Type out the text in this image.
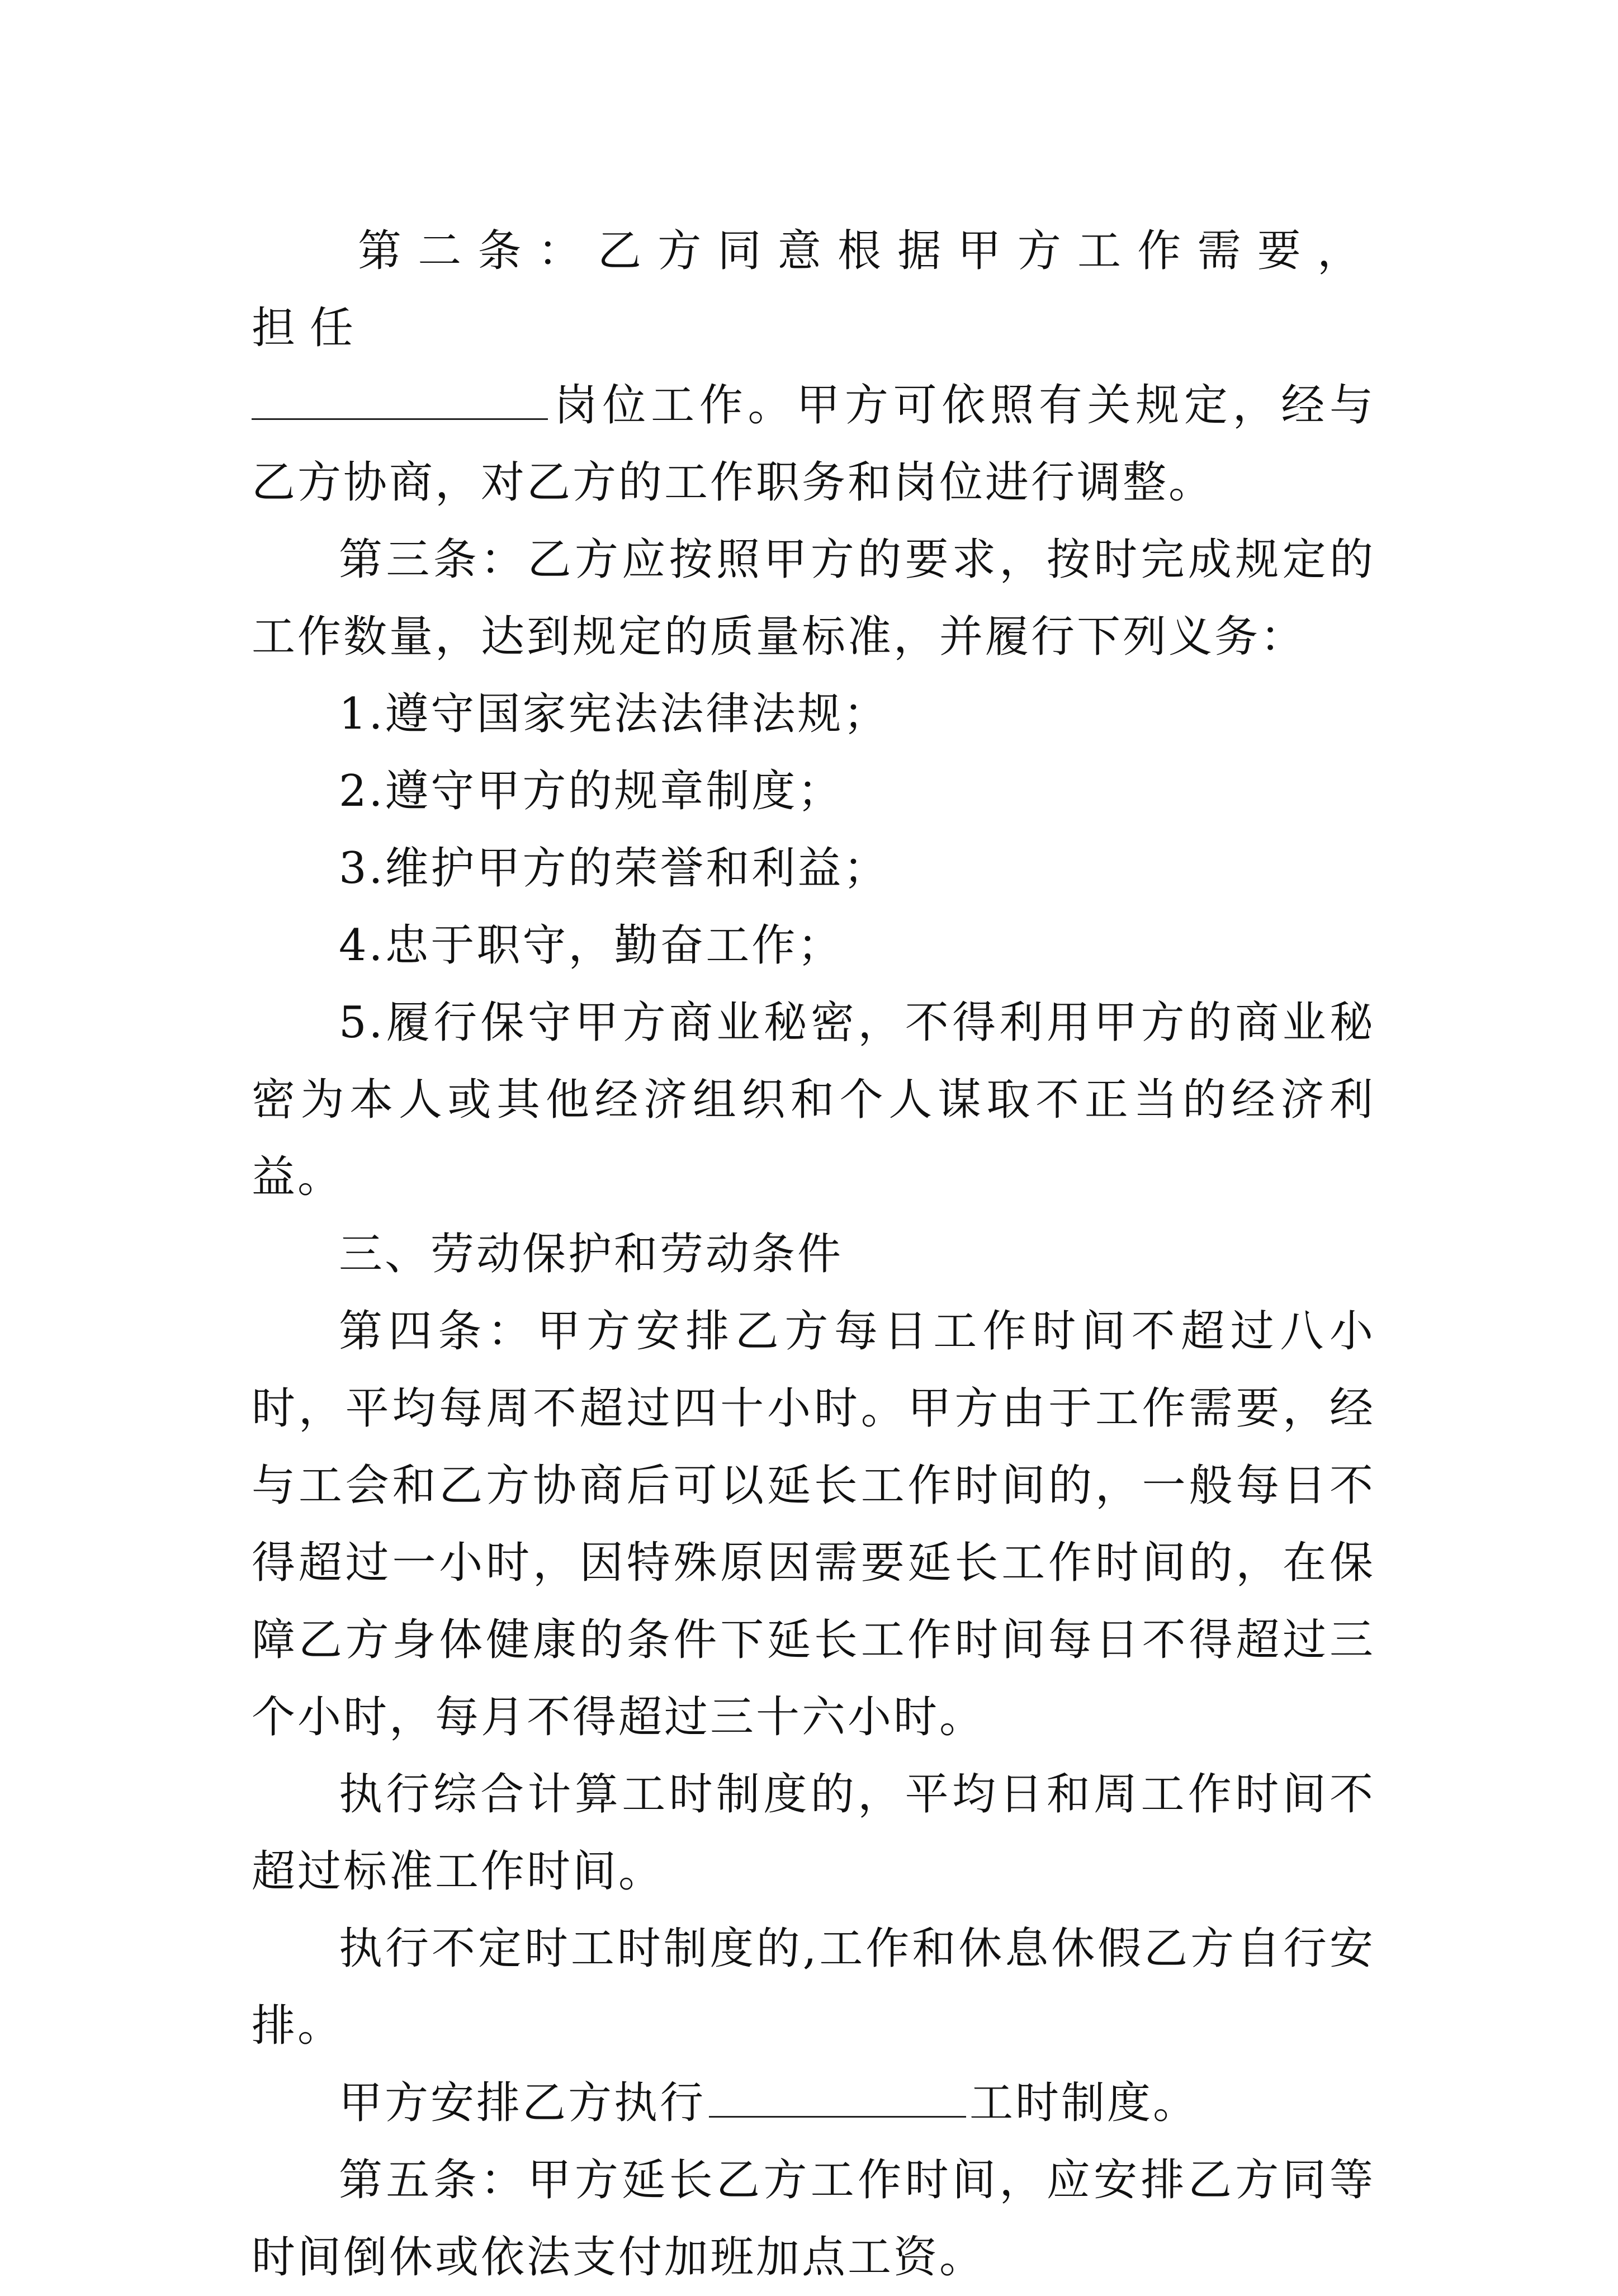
第二条：乙方同意根据甲方工作需要，担任

岗位工作。甲方可依照有关规定，经与乙方协商，对乙方的工作职务和岗位进行调整。

第三条：乙方应按照甲方的要求，按时完成规定的工作数量，达到规定的质量标准，并履行下列义务：

1.遵守国家宪法法律法规；

2.遵守甲方的规章制度；

3.维护甲方的荣誉和利益；

4.忠于职守，勤奋工作；

5.履行保守甲方商业秘密，不得利用甲方的商业秘密为本人或其他经济组织和个人谋取不正当的经济利益。

三、劳动保护和劳动条件

第四条：甲方安排乙方每日工作时间不超过八小时，平均每周不超过四十小时。甲方由于工作需要，经与工会和乙方协商后可以延长工作时间的，一般每日不得超过一小时，因特殊原因需要延长工作时间的，在保障乙方身体健康的条件下延长工作时间每日不得超过三个小时，每月不得超过三十六小时。

执行综合计算工时制度的，平均日和周工作时间不超过标准工作时间。

执行不定时工时制度的,工作和休息休假乙方自行安排。

甲方安排乙方执行	工时制度。

第五条：甲方延长乙方工作时间，应安排乙方同等时间倒休或依法支付加班加点工资。
